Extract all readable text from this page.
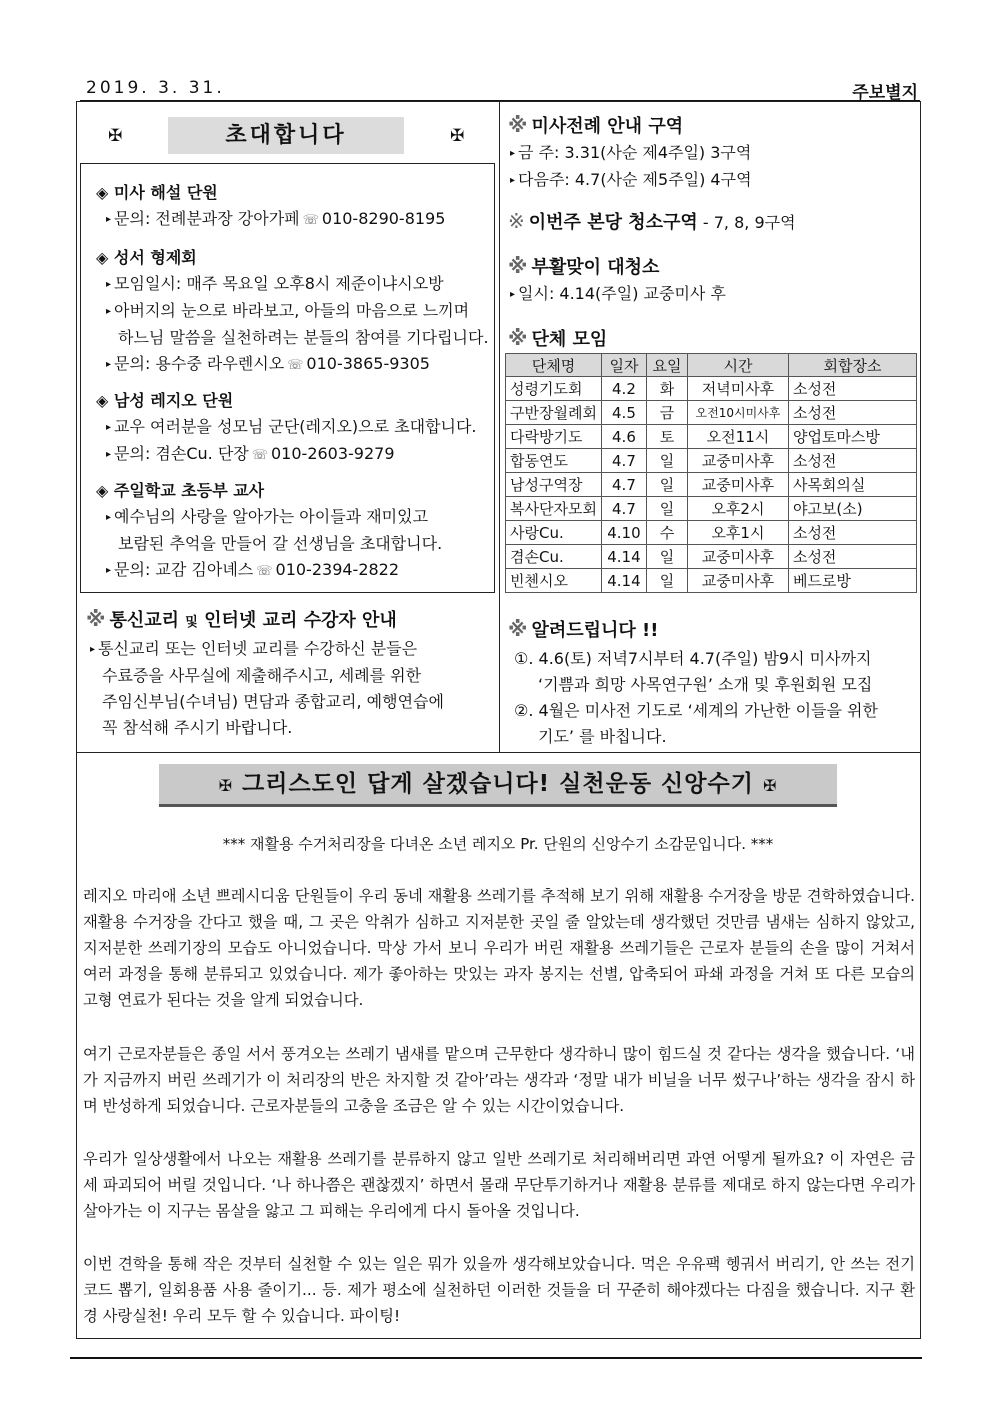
2019. 3. 31.	주보별지
✠	✠
초대합니다
◈ 미사 해설 단원
▸ 문의: 전례분과장 강아가페 ☏ 010-8290-8195
◈ 성서 형제회
▸ 모임일시: 매주 목요일 오후8시 제준이냐시오방
▸ 아버지의 눈으로 바라보고, 아들의 마음으로 느끼며
하느님 말씀을 실천하려는 분들의 참여를 기다립니다.
▸ 문의: 용수중 라우렌시오 ☏ 010-3865-9305
◈ 남성 레지오 단원
▸ 교우 여러분을 성모님 군단(레지오)으로 초대합니다.
▸ 문의: 겸손Cu. 단장 ☏ 010-2603-9279
◈ 주일학교 초등부 교사
▸ 예수님의 사랑을 알아가는 아이들과 재미있고
보람된 추억을 만들어 갈 선생님을 초대합니다.
▸ 문의: 교감 김아녜스 ☏ 010-2394-2822
※ 통신교리 및 인터넷 교리 수강자 안내
▸ 통신교리 또는 인터넷 교리를 수강하신 분들은
수료증을 사무실에 제출해주시고, 세례를 위한
주임신부님(수녀님) 면담과 종합교리, 예행연습에
꼭 참석해 주시기 바랍니다.
※ 미사전례 안내 구역
▸ 금 주: 3.31(사순 제4주일) 3구역
▸ 다음주: 4.7(사순 제5주일) 4구역
※ 이번주 본당 청소구역 - 7, 8, 9구역
※ 부활맞이 대청소
▸ 일시: 4.14(주일) 교중미사 후
※ 단체 모임
단체명	일자	요일	시간	회합장소
성령기도회	4.2	화	저녁미사후	소성전
구반장월례회	4.5	금	오전10시미사후	소성전
다락방기도	4.6	토	오전11시	양업토마스방
합동연도	4.7	일	교중미사후	소성전
남성구역장	4.7	일	교중미사후	사목회의실
복사단자모회	4.7	일	오후2시	야고보(소)
사랑Cu.	4.10	수	오후1시	소성전
겸손Cu.	4.14	일	교중미사후	소성전
빈첸시오	4.14	일	교중미사후	베드로방
※ 알려드립니다 !!
①. 4.6(토) 저녁7시부터 4.7(주일) 밤9시 미사까지
‘기쁨과 희망 사목연구원’ 소개 및 후원회원 모집
②. 4월은 미사전 기도로 ‘세계의 가난한 이들을 위한
기도’ 를 바칩니다.
✠ 그리스도인 답게 살겠습니다! 실천운동 신앙수기 ✠
*** 재활용 수거처리장을 다녀온 소년 레지오 Pr. 단원의 신앙수기 소감문입니다. ***
레지오 마리애 소년 쁘레시디움 단원들이 우리 동네 재활용 쓰레기를 추적해 보기 위해 재활용 수거장을 방문 견학하였습니다. 재활용 수거장을 간다고 했을 때, 그 곳은 악취가 심하고 지저분한 곳일 줄 알았는데 생각했던 것만큼 냄새는 심하지 않았고, 지저분한 쓰레기장의 모습도 아니었습니다. 막상 가서 보니 우리가 버린 재활용 쓰레기들은 근로자 분들의 손을 많이 거쳐서 여러 과정을 통해 분류되고 있었습니다. 제가 좋아하는 맛있는 과자 봉지는 선별, 압축되어 파쇄 과정을 거쳐 또 다른 모습의 고형 연료가 된다는 것을 알게 되었습니다.
여기 근로자분들은 종일 서서 풍겨오는 쓰레기 냄새를 맡으며 근무한다 생각하니 많이 힘드실 것 같다는 생각을 했습니다. ‘내가 지금까지 버린 쓰레기가 이 처리장의 반은 차지할 것 같아’라는 생각과 ‘정말 내가 비닐을 너무 썼구나’하는 생각을 잠시 하며 반성하게 되었습니다. 근로자분들의 고충을 조금은 알 수 있는 시간이었습니다.
우리가 일상생활에서 나오는 재활용 쓰레기를 분류하지 않고 일반 쓰레기로 처리해버리면 과연 어떻게 될까요? 이 자연은 금세 파괴되어 버릴 것입니다. ‘나 하나쯤은 괜찮겠지’ 하면서 몰래 무단투기하거나 재활용 분류를 제대로 하지 않는다면 우리가 살아가는 이 지구는 몸살을 앓고 그 피해는 우리에게 다시 돌아올 것입니다.
이번 견학을 통해 작은 것부터 실천할 수 있는 일은 뭐가 있을까 생각해보았습니다. 먹은 우유팩 헹궈서 버리기, 안 쓰는 전기코드 뽑기, 일회용품 사용 줄이기... 등. 제가 평소에 실천하던 이러한 것들을 더 꾸준히 해야겠다는 다짐을 했습니다. 지구 환경 사랑실천! 우리 모두 할 수 있습니다. 파이팅!
